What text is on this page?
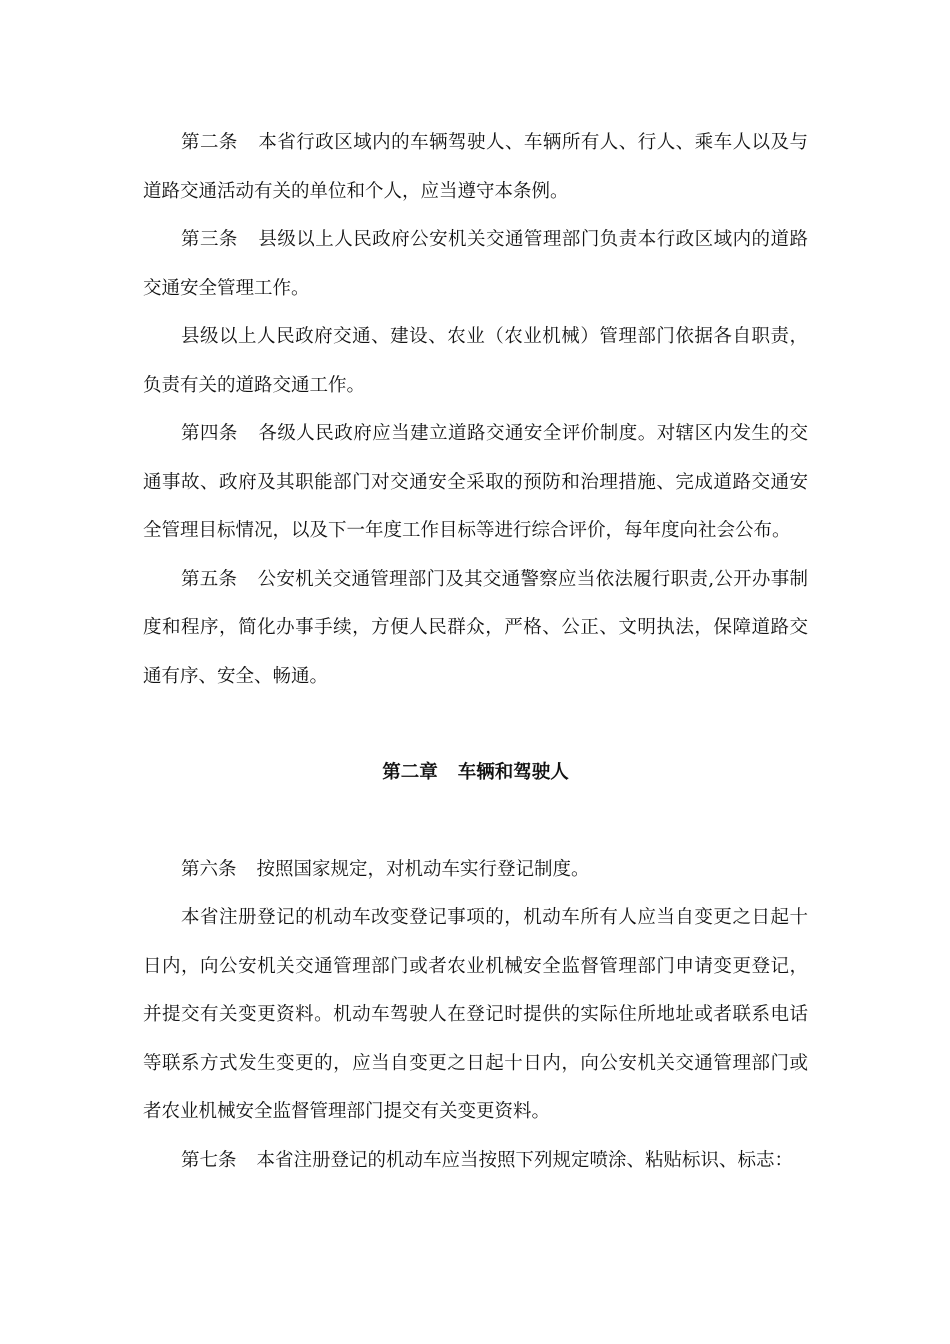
第二条 本省行政区域内的车辆驾驶人、车辆所有人、行人、乘车人以及与道路交通活动有关的单位和个人，应当遵守本条例。

第三条 县级以上人民政府公安机关交通管理部门负责本行政区域内的道路交通安全管理工作。

县级以上人民政府交通、建设、农业（农业机械）管理部门依据各自职责，负责有关的道路交通工作。

第四条 各级人民政府应当建立道路交通安全评价制度。对辖区内发生的交通事故、政府及其职能部门对交通安全采取的预防和治理措施、完成道路交通安全管理目标情况，以及下一年度工作目标等进行综合评价，每年度向社会公布。

第五条 公安机关交通管理部门及其交通警察应当依法履行职责,公开办事制度和程序，简化办事手续，方便人民群众，严格、公正、文明执法，保障道路交通有序、安全、畅通。

第二章 车辆和驾驶人

第六条 按照国家规定，对机动车实行登记制度。

本省注册登记的机动车改变登记事项的，机动车所有人应当自变更之日起十日内，向公安机关交通管理部门或者农业机械安全监督管理部门申请变更登记，并提交有关变更资料。机动车驾驶人在登记时提供的实际住所地址或者联系电话等联系方式发生变更的，应当自变更之日起十日内，向公安机关交通管理部门或者农业机械安全监督管理部门提交有关变更资料。

第七条 本省注册登记的机动车应当按照下列规定喷涂、粘贴标识、标志：
